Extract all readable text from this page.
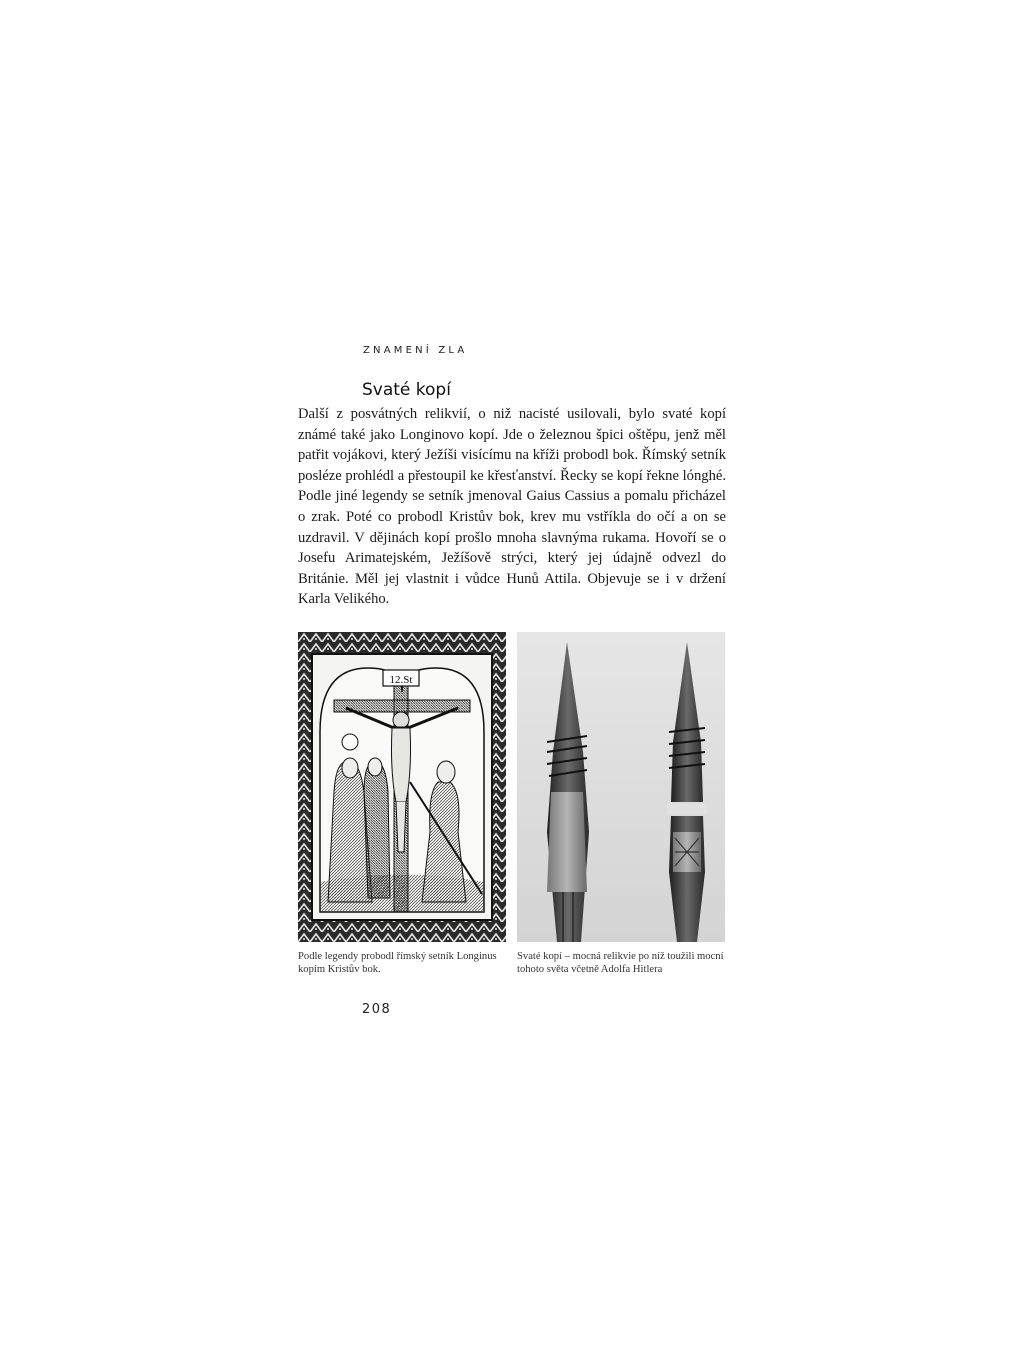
ZNAMENÍ ZLA
Svaté kopí
Další z posvátných relikvií, o niž nacisté usilovali, bylo svaté kopí známé také jako Longinovo kopí. Jde o železnou špici oštěpu, jenž měl patřit vojákovi, který Ježíši visícímu na kříži probodl bok. Římský setník posléze prohlédl a přestoupil ke křesťanství. Řecky se kopí řekne lónghé. Podle jiné legendy se setník jmenoval Gaius Cassius a pomalu přicházel o zrak. Poté co probodl Kristův bok, krev mu vstříkla do očí a on se uzdravil. V dějinách kopí prošlo mnoha slavnýma rukama. Hovoří se o Josefu Arimatejském, Ježíšově strýci, který jej údajně odvezl do Británie. Měl jej vlastnit i vůdce Hunů Attila. Objevuje se i v držení Karla Velikého.
12.St
Podle legendy probodl římský setník Longinus kopím Kristův bok.
Svaté kopí – mocná relikvie po níž toužili mocní tohoto světa včetně Adolfa Hitlera
208
